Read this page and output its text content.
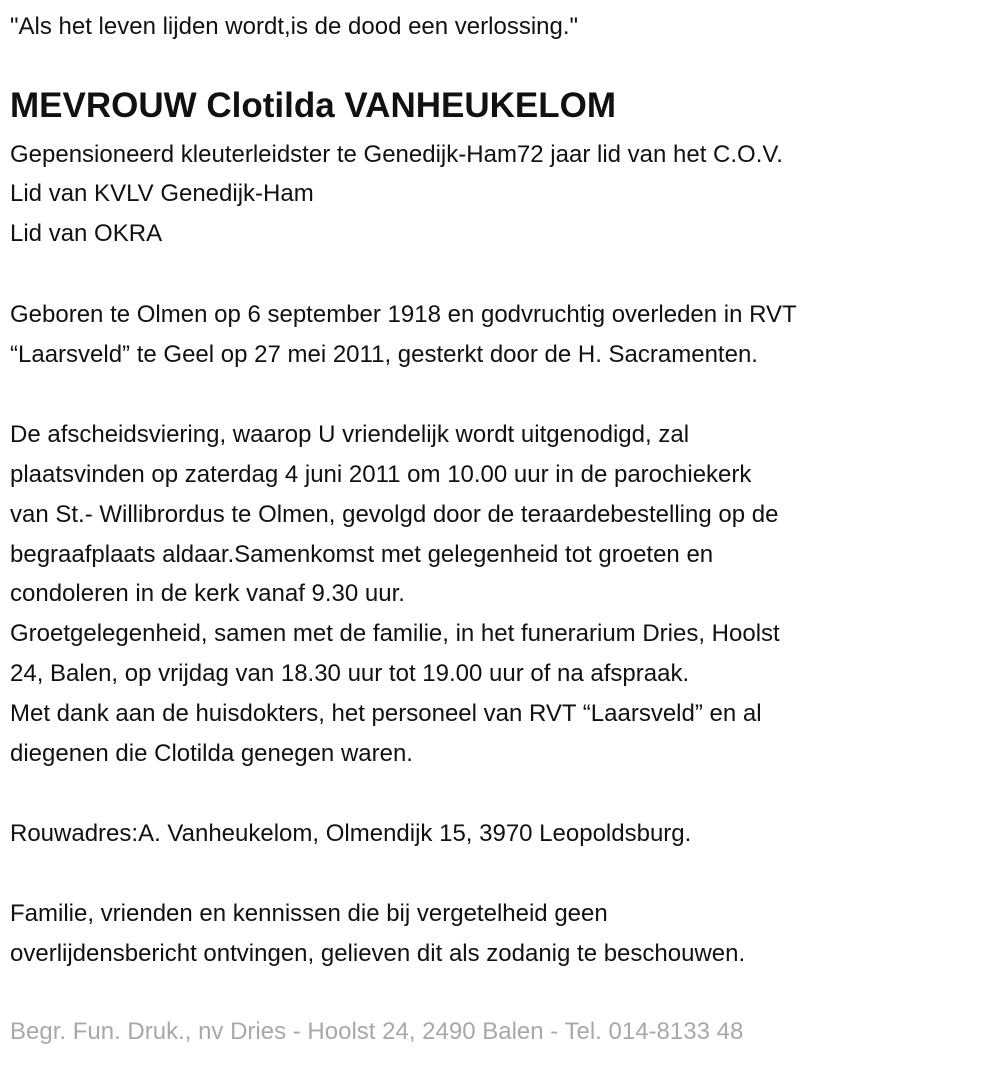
"Als het leven lijden wordt,is de dood een verlossing."
MEVROUW Clotilda VANHEUKELOM
Gepensioneerd kleuterleidster te Genedijk-Ham72 jaar lid van het C.O.V.
Lid van KVLV Genedijk-Ham
Lid van OKRA
Geboren te Olmen op 6 september 1918 en godvruchtig overleden in RVT
“Laarsveld” te Geel op 27 mei 2011, gesterkt door de H. Sacramenten.
De afscheidsviering, waarop U vriendelijk wordt uitgenodigd, zal
plaatsvinden op zaterdag 4 juni 2011 om 10.00 uur in de parochiekerk
van St.- Willibrordus te Olmen, gevolgd door de teraardebestelling op de
begraafplaats aldaar.Samenkomst met gelegenheid tot groeten en
condoleren in de kerk vanaf 9.30 uur.
Groetgelegenheid, samen met de familie, in het funerarium Dries, Hoolst
24, Balen, op vrijdag van 18.30 uur tot 19.00 uur of na afspraak.
Met dank aan de huisdokters, het personeel van RVT “Laarsveld” en al
diegenen die Clotilda genegen waren.
Rouwadres:A. Vanheukelom, Olmendijk 15, 3970 Leopoldsburg.
Familie, vrienden en kennissen die bij vergetelheid geen
overlijdensbericht ontvingen, gelieven dit als zodanig te beschouwen.
Begr. Fun. Druk., nv Dries - Hoolst 24, 2490 Balen - Tel. 014-8133 48
